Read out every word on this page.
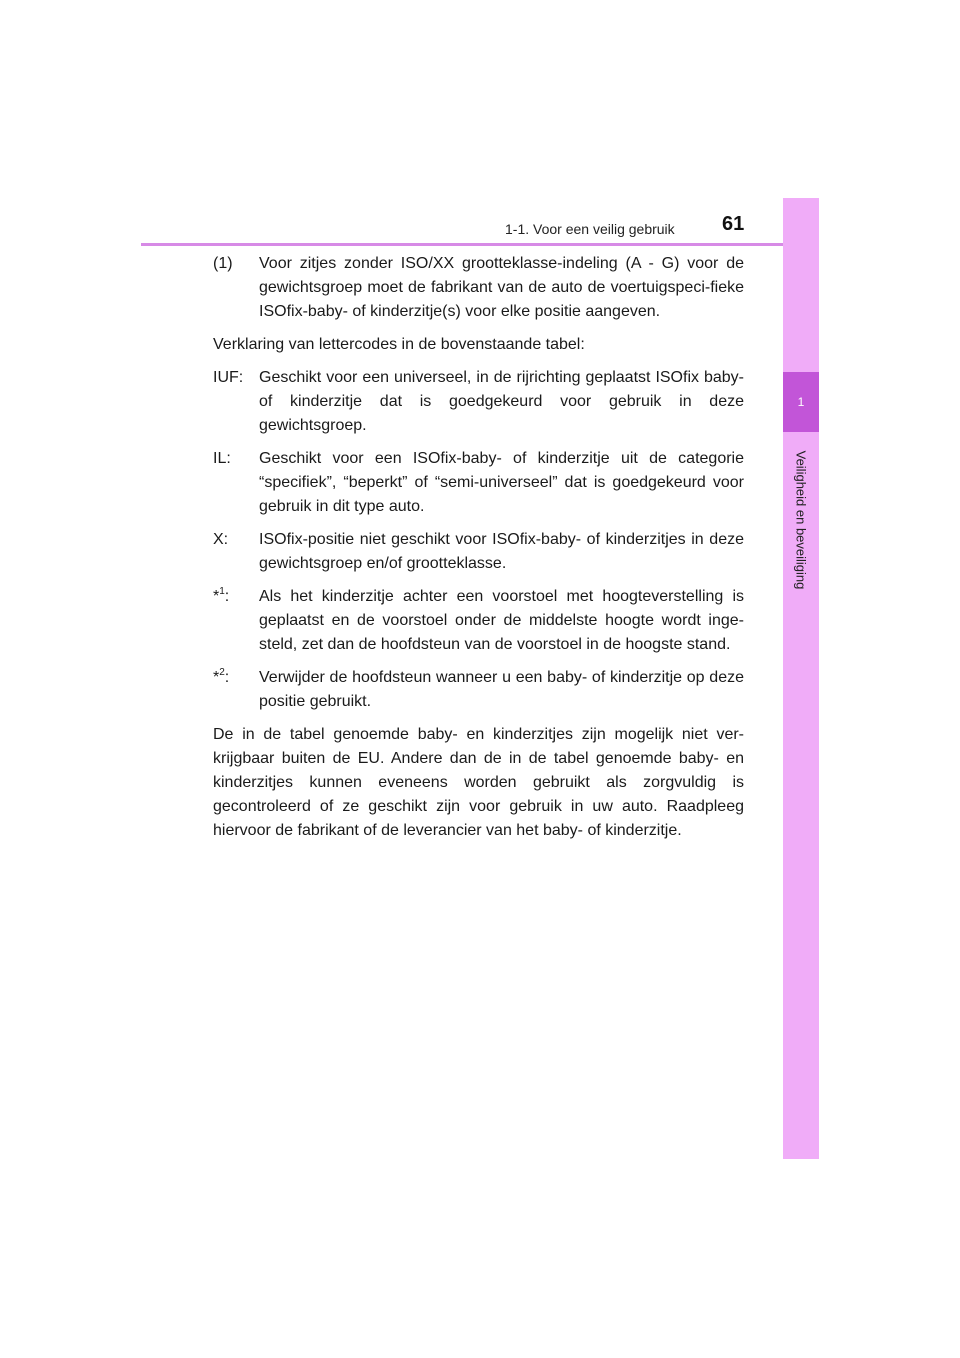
1-1. Voor een veilig gebruik 61
1
Veiligheid en beveiliging
(1)	Voor zitjes zonder ISO/XX grootteklasse-indeling (A - G) voor de gewichtsgroep moet de fabrikant van de auto de voertuigspeci-fieke ISOfix-baby- of kinderzitje(s) voor elke positie aangeven.

Verklaring van lettercodes in de bovenstaande tabel:

IUF: Geschikt voor een universeel, in de rijrichting geplaatst ISOfix baby- of kinderzitje dat is goedgekeurd voor gebruik in deze gewichtsgroep.
IL:	Geschikt voor een ISOfix-baby- of kinderzitje uit de categorie “specifiek”, “beperkt” of “semi-universeel” dat is goedgekeurd voor gebruik in dit type auto.
X:	ISOfix-positie niet geschikt voor ISOfix-baby- of kinderzitjes in deze gewichtsgroep en/of grootteklasse.
*$^1$:	Als het kinderzitje achter een voorstoel met hoogteverstelling is geplaatst en de voorstoel onder de middelste hoogte wordt inge-steld, zet dan de hoofdsteun van de voorstoel in de hoogste stand.
*$^2$:	Verwijder de hoofdsteun wanneer u een baby- of kinderzitje op deze positie gebruikt.

De in de tabel genoemde baby- en kinderzitjes zijn mogelijk niet ver-krijgbaar buiten de EU. Andere dan de in de tabel genoemde baby- en kinderzitjes kunnen eveneens worden gebruikt als zorgvuldig is gecontroleerd of ze geschikt zijn voor gebruik in uw auto. Raadpleeg hiervoor de fabrikant of de leverancier van het baby- of kinderzitje.
